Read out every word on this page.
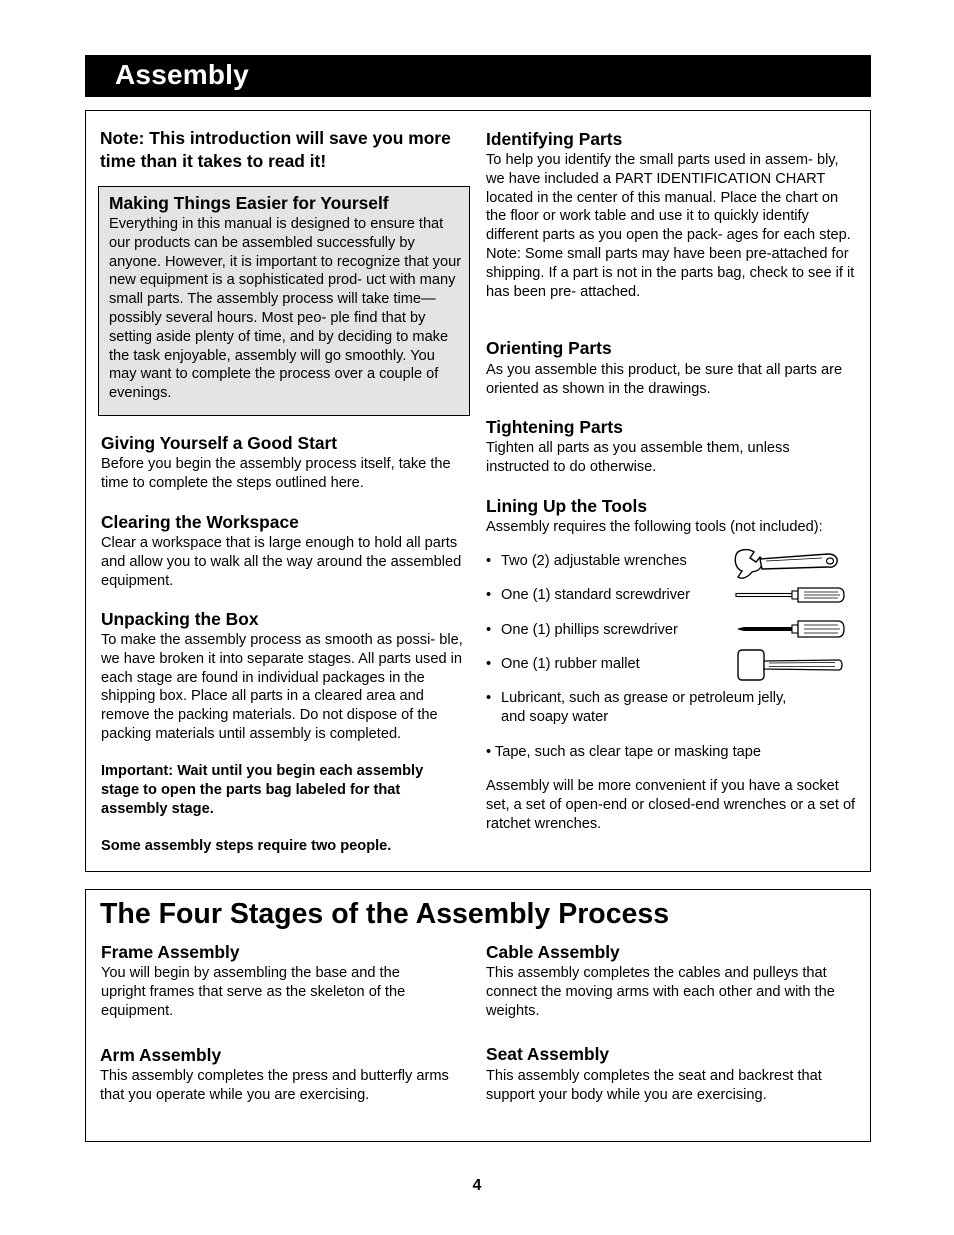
Assembly
Note: This introduction will save you more time than it takes to read it!
Making Things Easier for Yourself
Everything in this manual is designed to ensure that our products can be assembled successfully by anyone. However, it is important to recognize that your new equipment is a sophisticated prod- uct with many small parts. The assembly process will take time—possibly several hours. Most peo- ple find that by setting aside plenty of time, and by deciding to make the task enjoyable, assembly will go smoothly. You may want to complete the process over a couple of evenings.
Giving Yourself a Good Start
Before you begin the assembly process itself, take the time to complete the steps outlined here.
Clearing the Workspace
Clear a workspace that is large enough to hold all parts and allow you to walk all the way around the assembled equipment.
Unpacking the Box
To make the assembly process as smooth as possi- ble, we have broken it into separate stages. All parts used in each stage are found in individual packages in the shipping box. Place all parts in a cleared area and remove the packing materials. Do not dispose of the packing materials until assembly is completed.
Important: Wait until you begin each assembly stage to open the parts bag labeled for that assembly stage.
Some assembly steps require two people.
Identifying Parts
To help you identify the small parts used in assem- bly, we have included a PART IDENTIFICATION CHART located in the center of this manual. Place the chart on the floor or work table and use it to quickly identify different parts as you open the pack- ages for each step. Note: Some small parts may have been pre-attached for shipping. If a part is not in the parts bag, check to see if it has been pre- attached.
Orienting Parts
As you assemble this product, be sure that all parts are oriented as shown in the drawings.
Tightening Parts
Tighten all parts as you assemble them, unless instructed to do otherwise.
Lining Up the Tools
Assembly requires the following tools (not included):
• Two (2) adjustable wrenches
• One (1) standard screwdriver
• One (1) phillips screwdriver
• One (1) rubber mallet
• Lubricant, such as grease or petroleum jelly,
and soapy water
• Tape, such as clear tape or masking tape
Assembly will be more convenient if you have a socket set, a set of open-end or closed-end wrenches or a set of ratchet wrenches.
The Four Stages of the Assembly Process
Frame Assembly
You will begin by assembling the base and the upright frames that serve as the skeleton of the equipment.
Arm Assembly
This assembly completes the press and butterfly arms that you operate while you are exercising.
Cable Assembly
This assembly completes the cables and pulleys that connect the moving arms with each other and with the weights.
Seat Assembly
This assembly completes the seat and backrest that support your body while you are exercising.
4
